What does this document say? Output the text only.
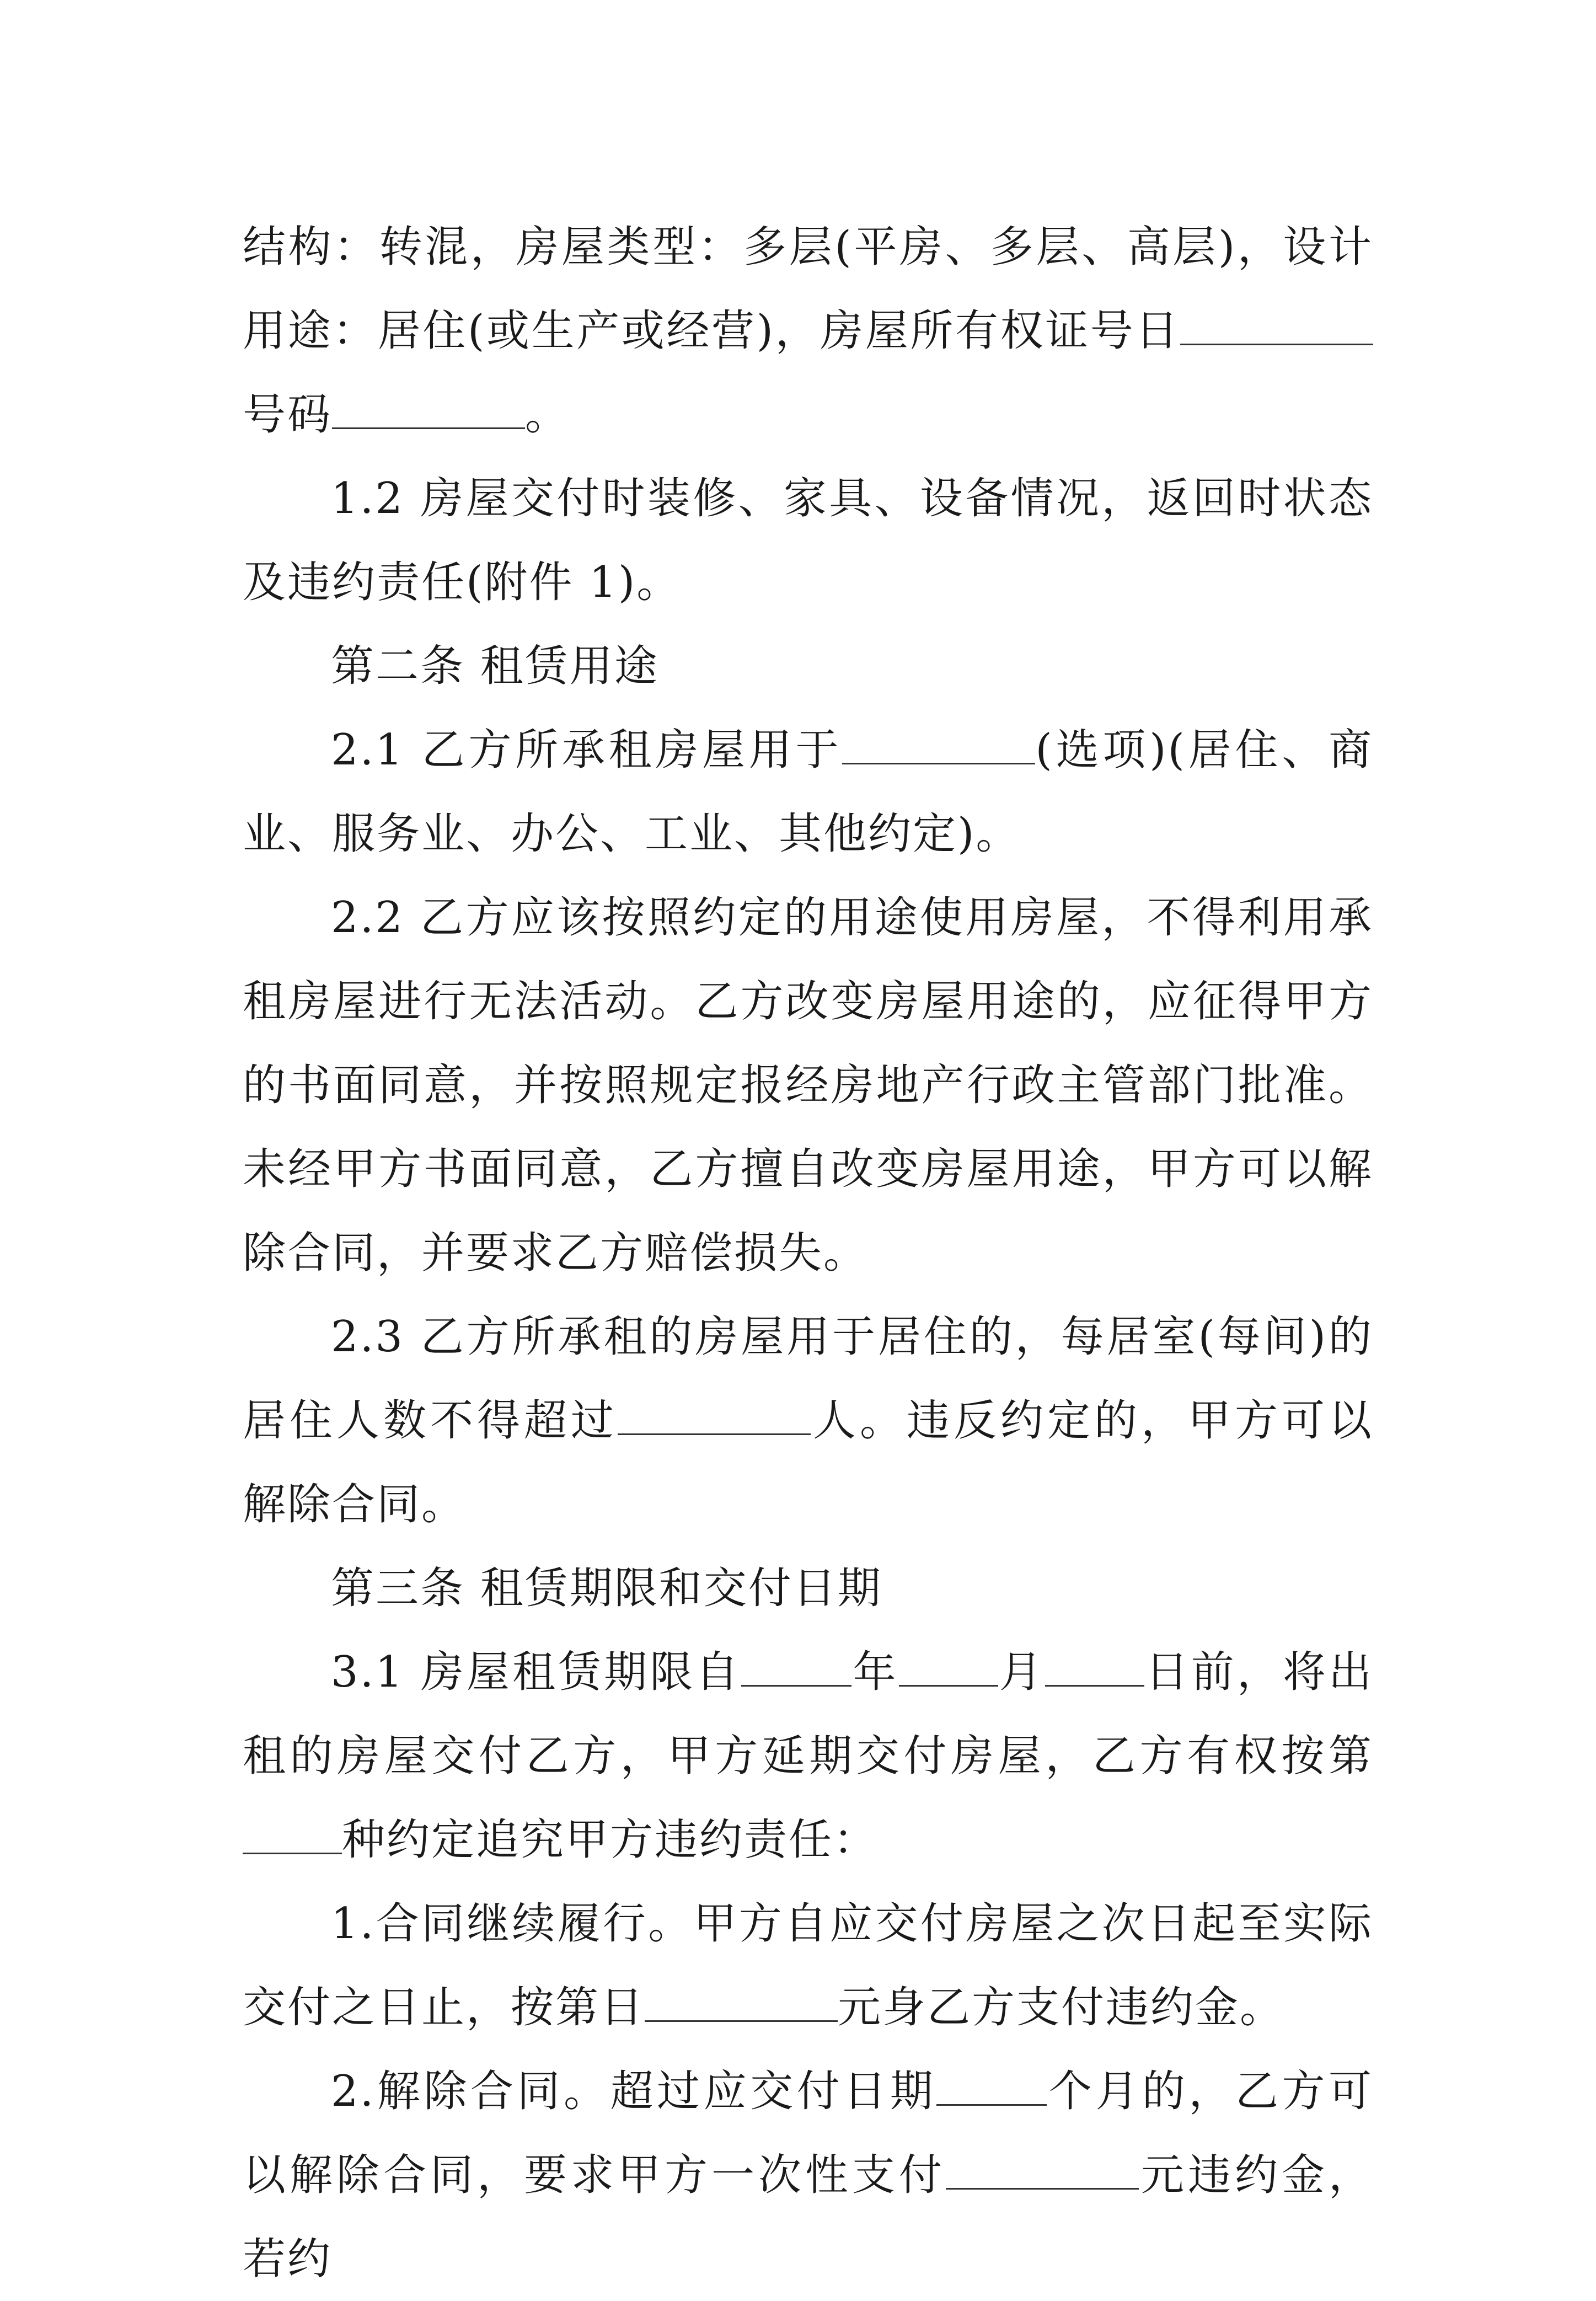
结构：转混，房屋类型：多层(平房、多层、高层)，设计用途：居住(或生产或经营)，房屋所有权证号日号码	。

1.2 房屋交付时装修、家具、设备情况，返回时状态及违约责任(附件 1)。

第二条 租赁用途

2.1 乙方所承租房屋用于	(选项)(居住、商业、服务业、办公、工业、其他约定)。

2.2 乙方应该按照约定的用途使用房屋，不得利用承租房屋进行无法活动。乙方改变房屋用途的，应征得甲方的书面同意，并按照规定报经房地产行政主管部门批准。未经甲方书面同意，乙方擅自改变房屋用途，甲方可以解除合同，并要求乙方赔偿损失。

2.3 乙方所承租的房屋用于居住的，每居室(每间)的居住人数不得超过	人。违反约定的，甲方可以解除合同。

第三条 租赁期限和交付日期

3.1 房屋租赁期限自	年 月 日前，将出租的房屋交付乙方，甲方延期交付房屋，乙方有权按第种约定追究甲方违约责任：

1.合同继续履行。甲方自应交付房屋之次日起至实际交付之日止，按第日	元身乙方支付违约金。

2.解除合同。超过应交付日期	个月的，乙方可以解除合同，要求甲方一次性支付	元违约金，若约
